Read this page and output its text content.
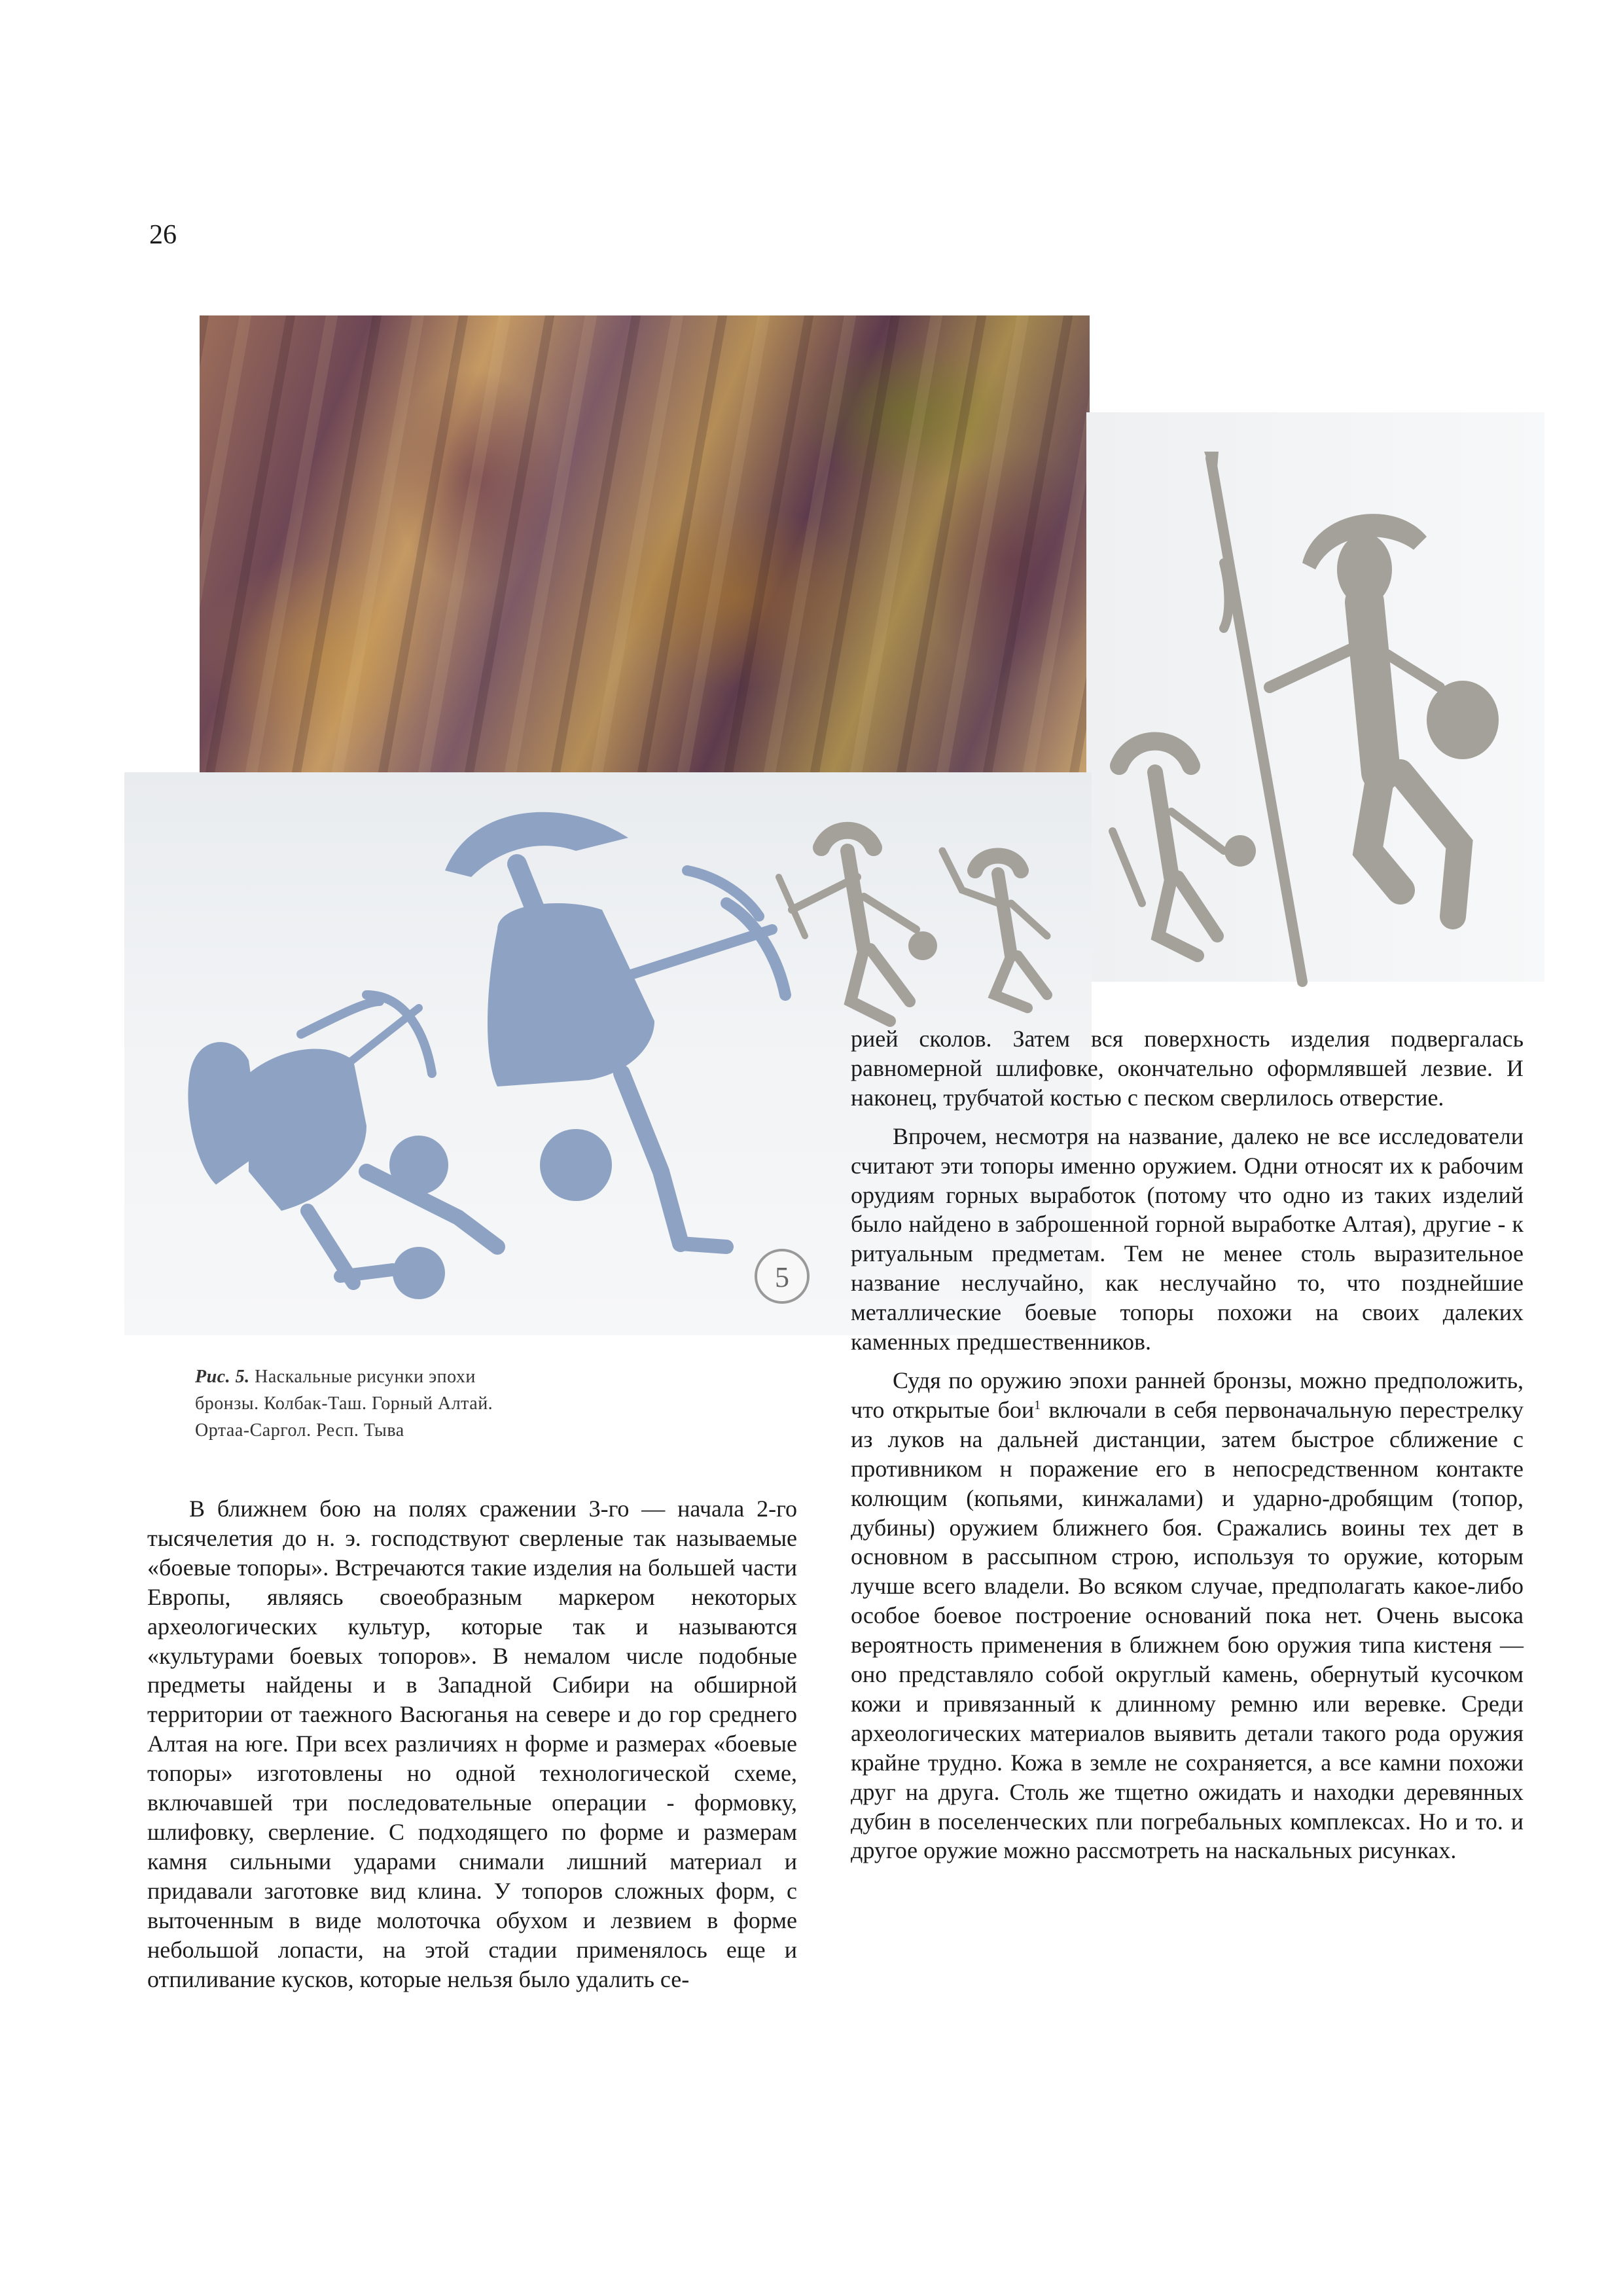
26
5
Рис. 5. Наскальные рисунки эпохи
бронзы. Колбак-Таш. Горный Алтай.
Ортаа-Саргол. Респ. Тыва

В ближнем бою на полях сражении 3-го — начала 2-го тысячелетия до н. э. господствуют сверленые так называемые «боевые топоры». Встречаются такие изделия на большей части Европы, являясь своеобразным маркером некоторых археологических культур, которые так и называются «культурами боевых топоров». В немалом числе подобные предметы найдены и в Западной Сибири на обширной территории от таежного Васюганья на севере и до гор среднего Алтая на юге. При всех различиях н форме и размерах «боевые топоры» изготовлены но одной технологической схеме, включавшей три последовательные операции - формовку, шлифовку, сверление. С подходящего по форме и размерам камня сильными ударами снимали лишний материал и придавали заготовке вид клина. У топоров сложных форм, с выточенным в виде молоточка обухом и лезвием в форме небольшой лопасти, на этой стадии применялось еще и отпиливание кусков, которые нельзя было удалить се-

рией сколов. Затем вся поверхность изделия подвергалась равномерной шлифовке, окончательно оформлявшей лезвие. И наконец, трубчатой костью с песком сверлилось отверстие.

Впрочем, несмотря на название, далеко не все исследователи считают эти топоры именно оружием. Одни относят их к рабочим орудиям горных выработок (потому что одно из таких изделий было найдено в заброшенной горной выработке Алтая), другие - к ритуальным предметам. Тем не менее столь выразительное название неслучайно, как неслучайно то, что позднейшие металлические боевые топоры похожи на своих далеких каменных предшественников.

Судя по оружию эпохи ранней бронзы, можно предположить, что открытые бои$^1$ включали в себя первоначальную перестрелку из луков на дальней дистанции, затем быстрое сближение с противником н поражение его в непосредственном контакте колющим (копьями, кинжалами) и ударно-дробящим (топор, дубины) оружием ближнего боя. Сражались воины тех дет в основном в рассыпном строю, используя то оружие, которым лучше всего владели. Во всяком случае, предполагать какое-либо особое боевое построение оснований пока нет. Очень высока вероятность применения в ближнем бою оружия типа кистеня — оно представляло собой округлый камень, обернутый кусочком кожи и привязанный к длинному ремню или веревке. Среди археологических материалов выявить детали такого рода оружия крайне трудно. Кожа в земле не сохраняется, а все камни похожи друг на друга. Столь же тщетно ожидать и находки деревянных дубин в поселенческих пли погребальных комплексах. Но и то. и другое оружие можно рассмотреть на наскальных рисунках.
